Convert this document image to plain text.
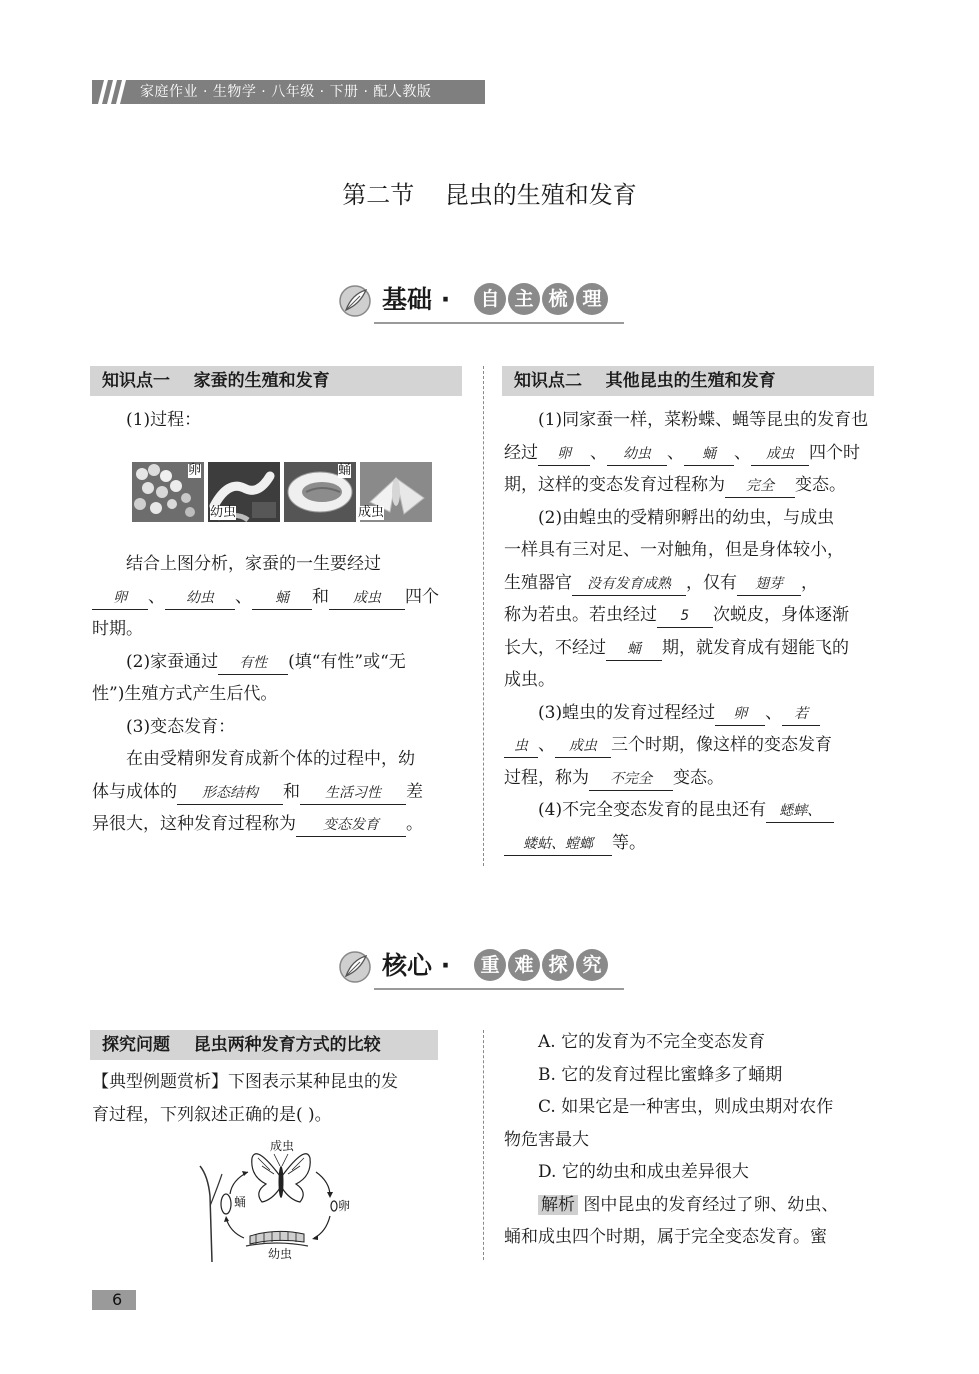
家庭作业 · 生物学 · 八年级 · 下册 · 配人教版
第二节    昆虫的生殖和发育
基础 ·	自 主 梳 理
知识点一    家蚕的生殖和发育	知识点二    其他昆虫的生殖和发育

(1)过程：

卵
幼虫
蛹
成虫

结合上图分析，家蚕的一生要经过

卵 、 幼虫 、 蛹 和 成虫 四个

时期。

(2)家蚕通过 有性 (填“有性”或“无

性”)生殖方式产生后代。

(3)变态发育：

在由受精卵发育成新个体的过程中，幼

体与成体的 形态结构 和 生活习性 差

异很大，这种发育过程称为 变态发育 。

(1)同家蚕一样，菜粉蝶、蝇等昆虫的发育也

经过 卵 、 幼虫 、 蛹 、 成虫 四个时

期，这样的变态发育过程称为 完全 变态。

(2)由蝗虫的受精卵孵出的幼虫，与成虫

一样具有三对足、一对触角，但是身体较小，

生殖器官 没有发育成熟 ，仅有 翅芽 ，

称为若虫。若虫经过 5 次蜕皮，身体逐渐

长大，不经过 蛹 期，就发育成有翅能飞的

成虫。

(3)蝗虫的发育过程经过 卵 、 若

虫 、 成虫 三个时期，像这样的变态发育

过程，称为 不完全 变态。

(4)不完全变态发育的昆虫还有 蟋蟀、

蝼蛄、螳螂 等。

核心 ·	重 难 探 究
探究问题    昆虫两种发育方式的比较

【典型例题赏析】下图表示某种昆虫的发

育过程，下列叙述正确的是( )。

成虫
蛹	卵
幼虫

A. 它的发育为不完全变态发育

B. 它的发育过程比蜜蜂多了蛹期

C. 如果它是一种害虫，则成虫期对农作

物危害最大

D. 它的幼虫和成虫差异很大

解析 图中昆虫的发育经过了卵、幼虫、

蛹和成虫四个时期，属于完全变态发育。蜜

6
